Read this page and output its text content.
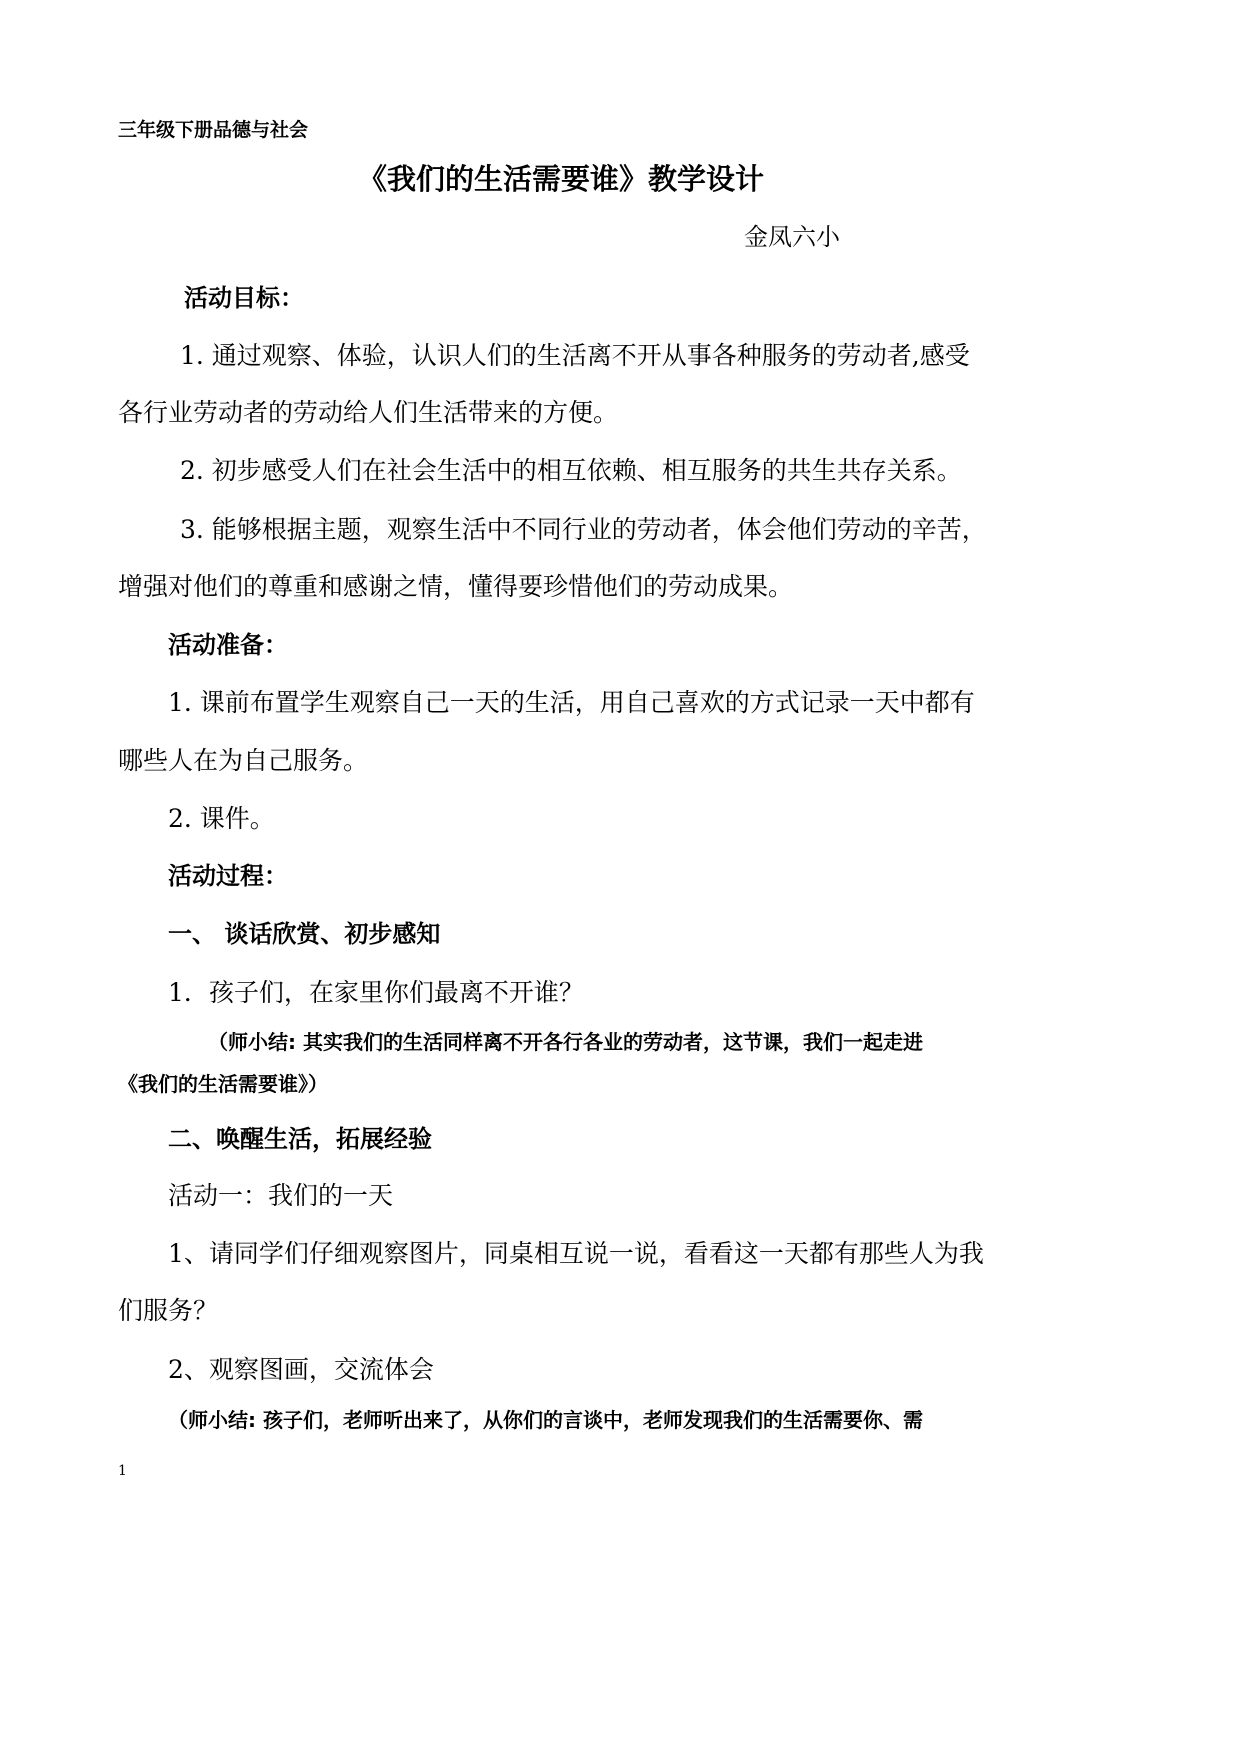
三年级下册品德与社会

《我们的生活需要谁》教学设计

金凤六小

活动目标：

1. 通过观察、体验，认识人们的生活离不开从事各种服务的劳动者,感受

各行业劳动者的劳动给人们生活带来的方便。

2. 初步感受人们在社会生活中的相互依赖、相互服务的共生共存关系。

3. 能够根据主题，观察生活中不同行业的劳动者，体会他们劳动的辛苦，

增强对他们的尊重和感谢之情，懂得要珍惜他们的劳动成果。

活动准备：

1. 课前布置学生观察自己一天的生活，用自己喜欢的方式记录一天中都有

哪些人在为自己服务。

2. 课件。

活动过程：
一、 谈话欣赏、初步感知

1．孩子们，在家里你们最离不开谁？

（师小结: 其实我们的生活同样离不开各行各业的劳动者，这节课，我们一起走进

《我们的生活需要谁》）

二、唤醒生活，拓展经验

活动一：我们的一天

1、请同学们仔细观察图片，同桌相互说一说，看看这一天都有那些人为我

们服务？

2、观察图画，交流体会

（师小结: 孩子们，老师听出来了，从你们的言谈中，老师发现我们的生活需要你、需

1
